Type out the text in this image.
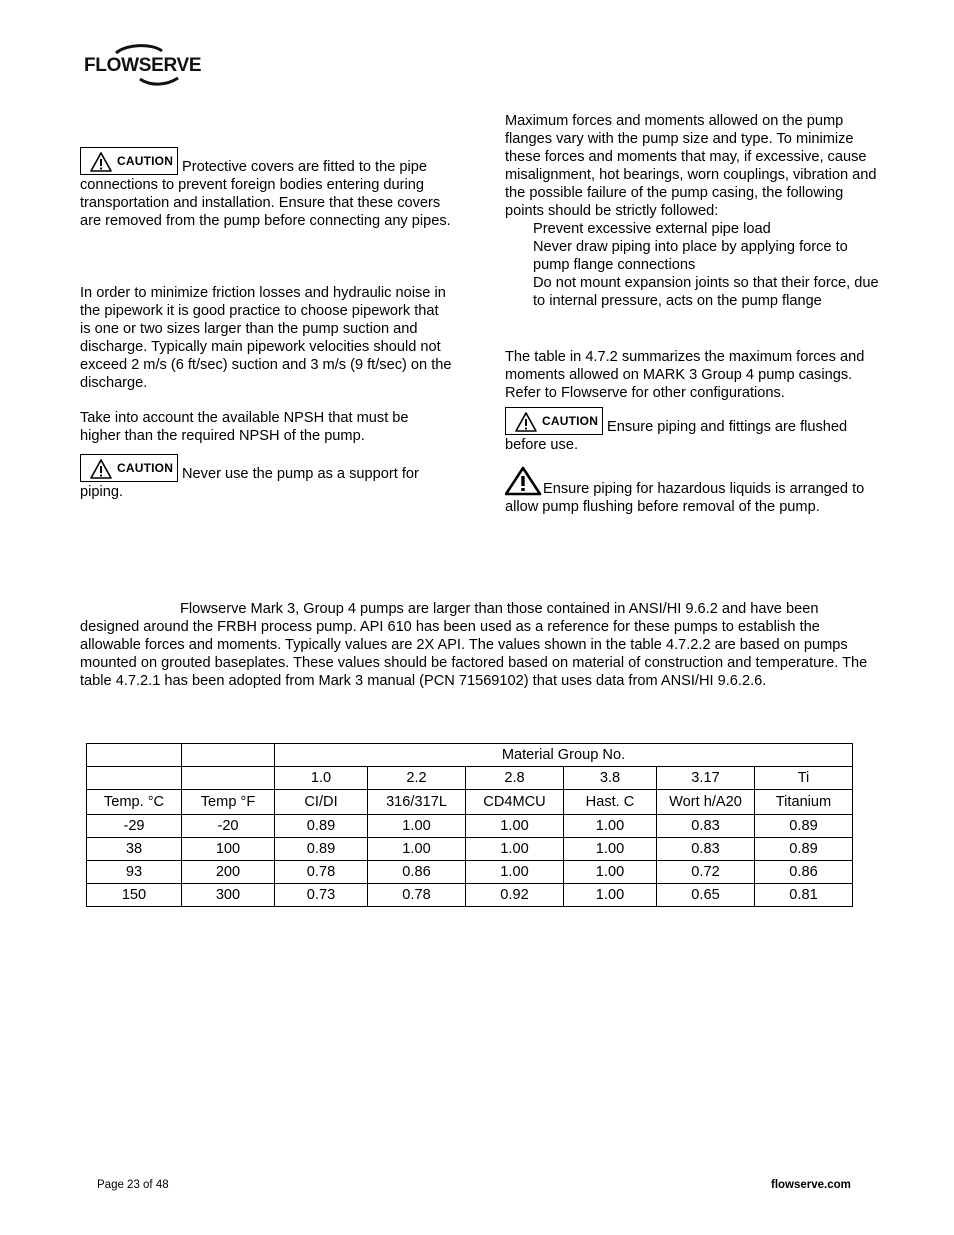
FLOWSERVE

CAUTION Protective covers are fitted to the pipe connections to prevent foreign bodies entering during transportation and installation. Ensure that these covers are removed from the pump before connecting any pipes.

In order to minimize friction losses and hydraulic noise in the pipework it is good practice to choose pipework that is one or two sizes larger than the pump suction and discharge. Typically main pipework velocities should not exceed 2 m/s (6 ft/sec) suction and 3 m/s (9 ft/sec) on the discharge.

Take into account the available NPSH that must be higher than the required NPSH of the pump.

CAUTION Never use the pump as a support for piping.

Maximum forces and moments allowed on the pump flanges vary with the pump size and type. To minimize these forces and moments that may, if excessive, cause misalignment, hot bearings, worn couplings, vibration and the possible failure of the pump casing, the following points should be strictly followed:

Prevent excessive external pipe load
Never draw piping into place by applying force to pump flange connections
Do not mount expansion joints so that their force, due to internal pressure, acts on the pump flange

The table in 4.7.2 summarizes the maximum forces and moments allowed on MARK 3 Group 4 pump casings. Refer to Flowserve for other configurations.

CAUTION Ensure piping and fittings are flushed before use.

Ensure piping for hazardous liquids is arranged to allow pump flushing before removal of the pump.

Flowserve Mark 3, Group 4 pumps are larger than those contained in ANSI/HI 9.6.2 and have been designed around the FRBH process pump. API 610 has been used as a reference for these pumps to establish the allowable forces and moments. Typically values are 2X API. The values shown in the table 4.7.2.2 are based on pumps mounted on grouted baseplates. These values should be factored based on material of construction and temperature. The table 4.7.2.1 has been adopted from Mark 3 manual (PCN 71569102) that uses data from ANSI/HI 9.6.2.6.

		Material Group No.					
		1.0	2.2	2.8	3.8	3.17	Ti
Temp. °C	Temp °F	CI/DI	316/317L	CD4MCU	Hast. C	Wort h/A20	Titanium
-29	-20	0.89	1.00	1.00	1.00	0.83	0.89
38	100	0.89	1.00	1.00	1.00	0.83	0.89
93	200	0.78	0.86	1.00	1.00	0.72	0.86
150	300	0.73	0.78	0.92	1.00	0.65	0.81
Page 23 of 48	flowserve.com
